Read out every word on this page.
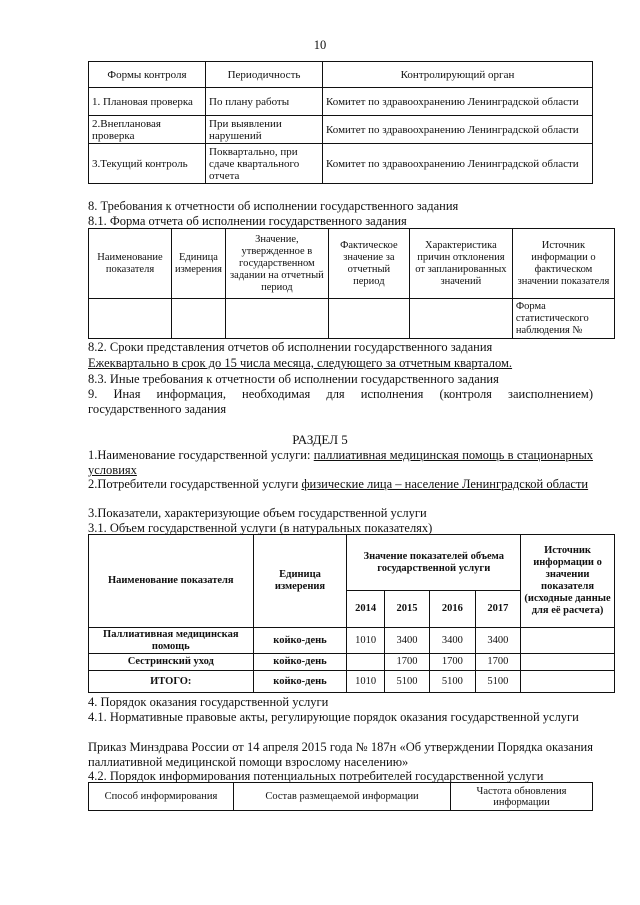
10
Формы контроля	Периодичность	Контролирующий орган
1. Плановая проверка	По плану работы	Комитет по здравоохранению Ленинградской области
2.Внеплановая проверка	При выявлении нарушений	Комитет по здравоохранению Ленинградской области
3.Текущий контроль	Поквартально, при сдаче квартального отчета	Комитет по здравоохранению Ленинградской области
8. Требования к отчетности об исполнении государственного задания
8.1. Форма отчета об исполнении государственного задания
Наименование показателя	Единица измерения	Значение, утвержденное в государственном задании на отчетный период	Фактическое значение за отчетный период	Характеристика причин отклонения от запланированных значений	Источник информации о фактическом значении показателя
					Форма статистического наблюдения №
8.2. Сроки представления отчетов об исполнении государственного задания
Ежеквартально в срок до 15 числа месяца, следующего за отчетным кварталом.
8.3. Иные требования к отчетности об исполнении государственного задания
9. Иная информация, необходимая для исполнения (контроля заисполнением) государственного задания
РАЗДЕЛ 5
1.Наименование государственной услуги: паллиативная медицинская помощь в стационарных условиях
2.Потребители государственной услуги физические лица – население Ленинградской области
3.Показатели, характеризующие объем государственной услуги
3.1. Объем государственной услуги (в натуральных показателях)
Наименование показателя	Единица измерения	Значение показателей объема государственной услуги				Источник информации о значении показателя (исходные данные для её расчета)
		2014	2015	2016	2017	
Паллиативная медицинская помощь	койко-день	1010	3400	3400	3400	
Сестринский уход	койко-день		1700	1700	1700	
ИТОГО:	койко-день	1010	5100	5100	5100	
4. Порядок оказания государственной услуги
4.1. Нормативные правовые акты, регулирующие порядок оказания государственной услуги
Приказ Минздрава России от 14 апреля 2015 года № 187н «Об утверждении Порядка оказания паллиативной медицинской помощи взрослому населению»
4.2. Порядок информирования потенциальных потребителей государственной услуги
Способ информирования	Состав размещаемой информации	Частота обновления информации
